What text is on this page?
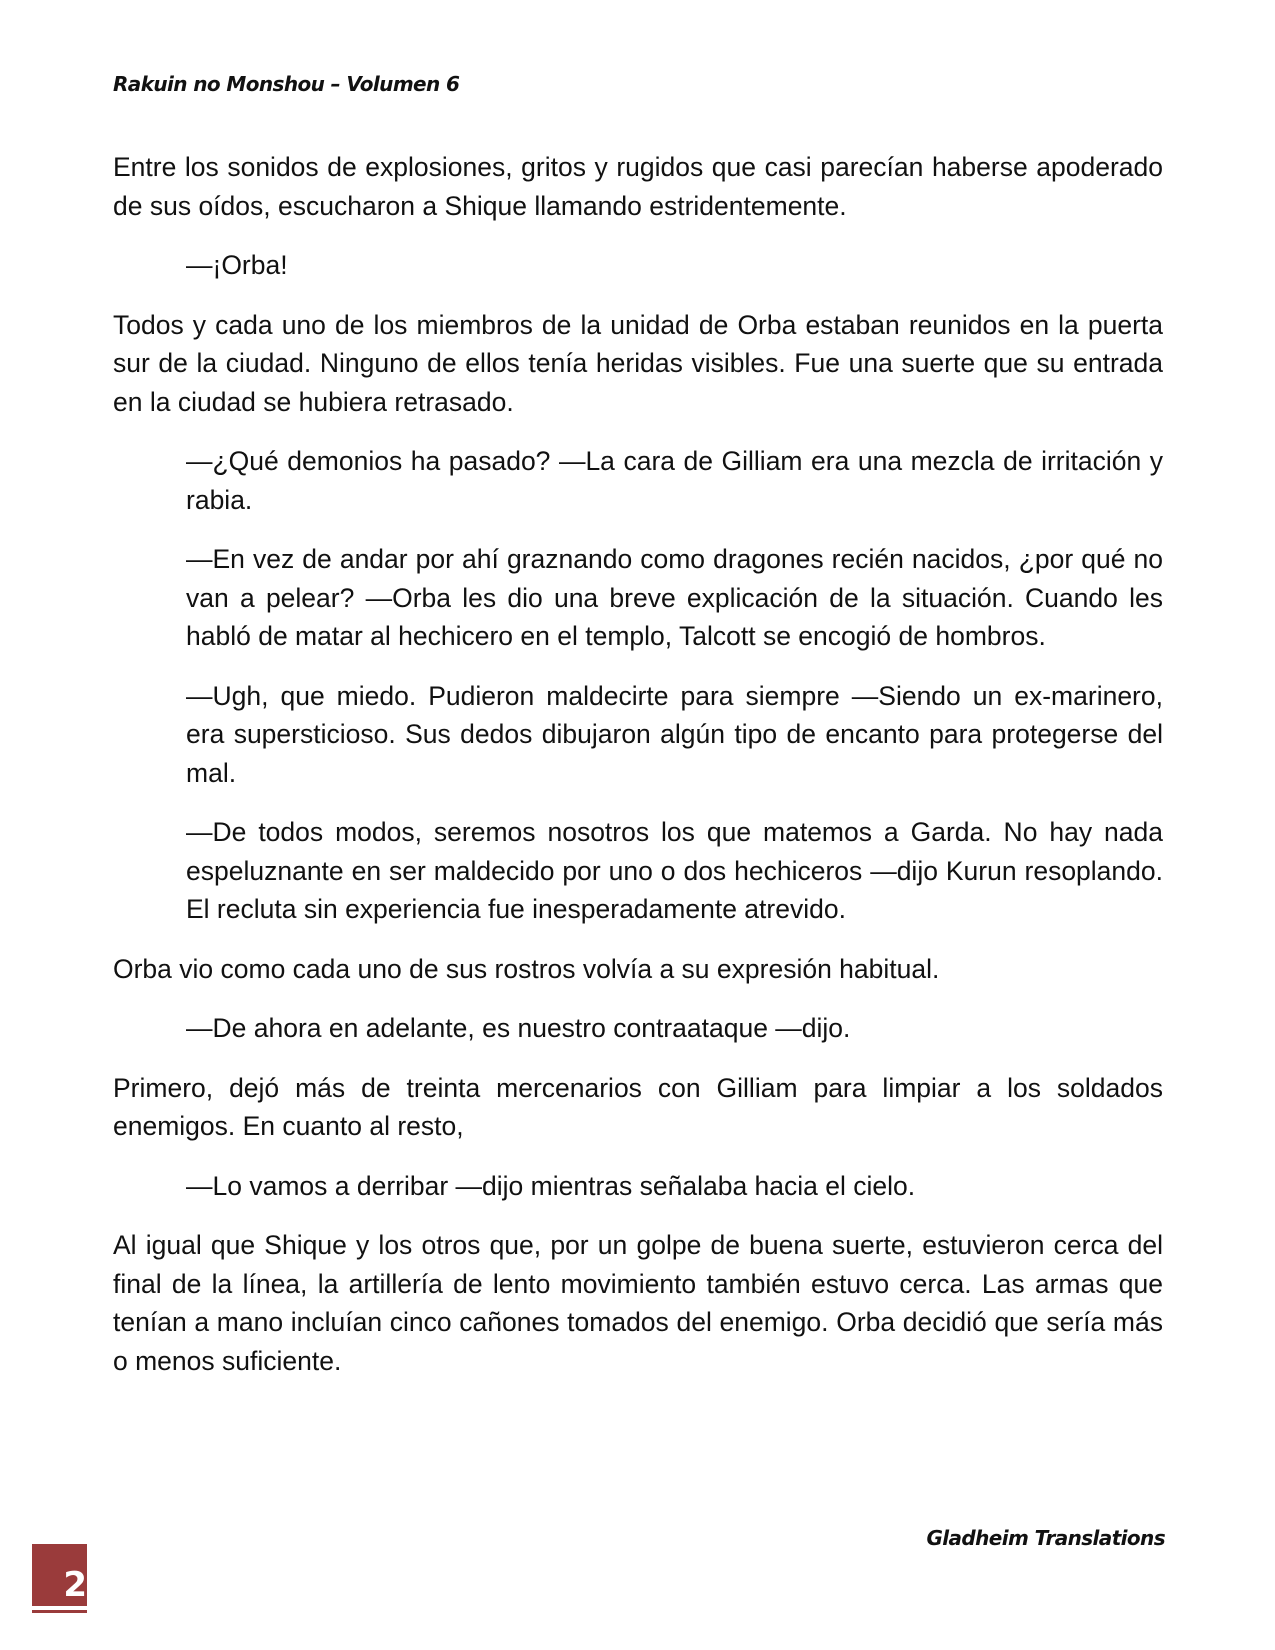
Rakuin no Monshou – Volumen 6

Entre los sonidos de explosiones, gritos y rugidos que casi parecían haberse apoderado de sus oídos, escucharon a Shique llamando estridentemente.

—¡Orba!

Todos y cada uno de los miembros de la unidad de Orba estaban reunidos en la puerta sur de la ciudad. Ninguno de ellos tenía heridas visibles. Fue una suerte que su entrada en la ciudad se hubiera retrasado.

—¿Qué demonios ha pasado? —La cara de Gilliam era una mezcla de irritación y rabia.

—En vez de andar por ahí graznando como dragones recién nacidos, ¿por qué no van a pelear? —Orba les dio una breve explicación de la situación. Cuando les habló de matar al hechicero en el templo, Talcott se encogió de hombros.

—Ugh, que miedo. Pudieron maldecirte para siempre —Siendo un ex-marinero, era supersticioso. Sus dedos dibujaron algún tipo de encanto para protegerse del mal.

—De todos modos, seremos nosotros los que matemos a Garda. No hay nada espeluznante en ser maldecido por uno o dos hechiceros —dijo Kurun resoplando. El recluta sin experiencia fue inesperadamente atrevido.

Orba vio como cada uno de sus rostros volvía a su expresión habitual.

—De ahora en adelante, es nuestro contraataque —dijo.

Primero, dejó más de treinta mercenarios con Gilliam para limpiar a los soldados enemigos. En cuanto al resto,

—Lo vamos a derribar —dijo mientras señalaba hacia el cielo.

Al igual que Shique y los otros que, por un golpe de buena suerte, estuvieron cerca del final de la línea, la artillería de lento movimiento también estuvo cerca. Las armas que tenían a mano incluían cinco cañones tomados del enemigo. Orba decidió que sería más o menos suficiente.

Gladheim Translations
2
